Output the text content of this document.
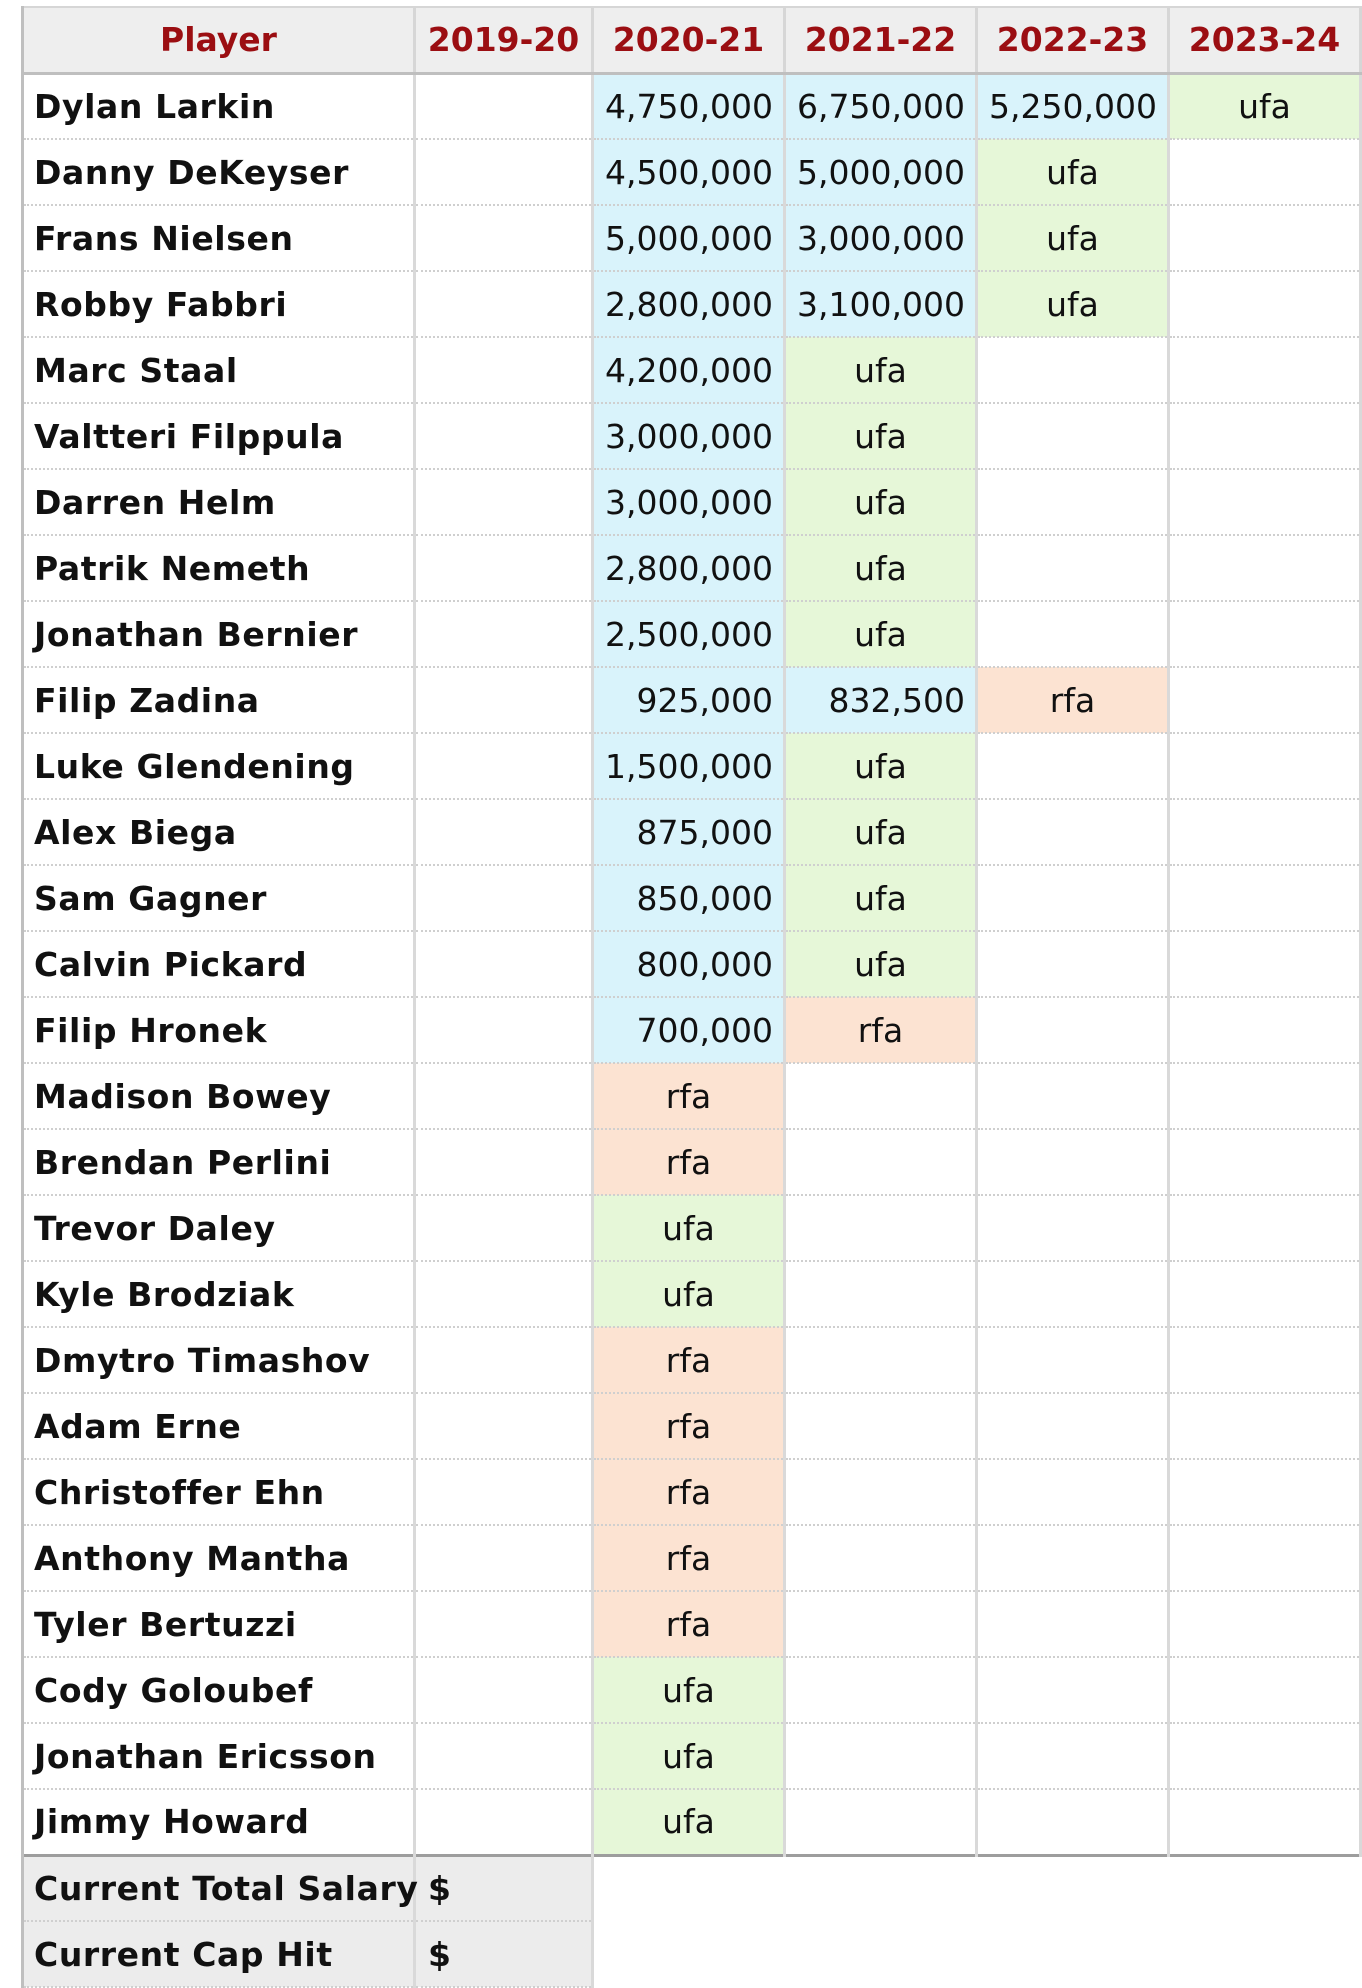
Player	2019-20	2020-21	2021-22	2022-23	2023-24
Dylan Larkin		4,750,000	6,750,000	5,250,000	ufa
Danny DeKeyser		4,500,000	5,000,000	ufa	
Frans Nielsen		5,000,000	3,000,000	ufa	
Robby Fabbri		2,800,000	3,100,000	ufa	
Marc Staal		4,200,000	ufa		
Valtteri Filppula		3,000,000	ufa		
Darren Helm		3,000,000	ufa		
Patrik Nemeth		2,800,000	ufa		
Jonathan Bernier		2,500,000	ufa		
Filip Zadina		925,000	832,500	rfa	
Luke Glendening		1,500,000	ufa		
Alex Biega		875,000	ufa		
Sam Gagner		850,000	ufa		
Calvin Pickard		800,000	ufa		
Filip Hronek		700,000	rfa		
Madison Bowey		rfa			
Brendan Perlini		rfa			
Trevor Daley		ufa			
Kyle Brodziak		ufa			
Dmytro Timashov		rfa			
Adam Erne		rfa			
Christoffer Ehn		rfa			
Anthony Mantha		rfa			
Tyler Bertuzzi		rfa			
Cody Goloubef		ufa			
Jonathan Ericsson		ufa			
Jimmy Howard		ufa			
Current Total Salary	$				
Current Cap Hit	$				
